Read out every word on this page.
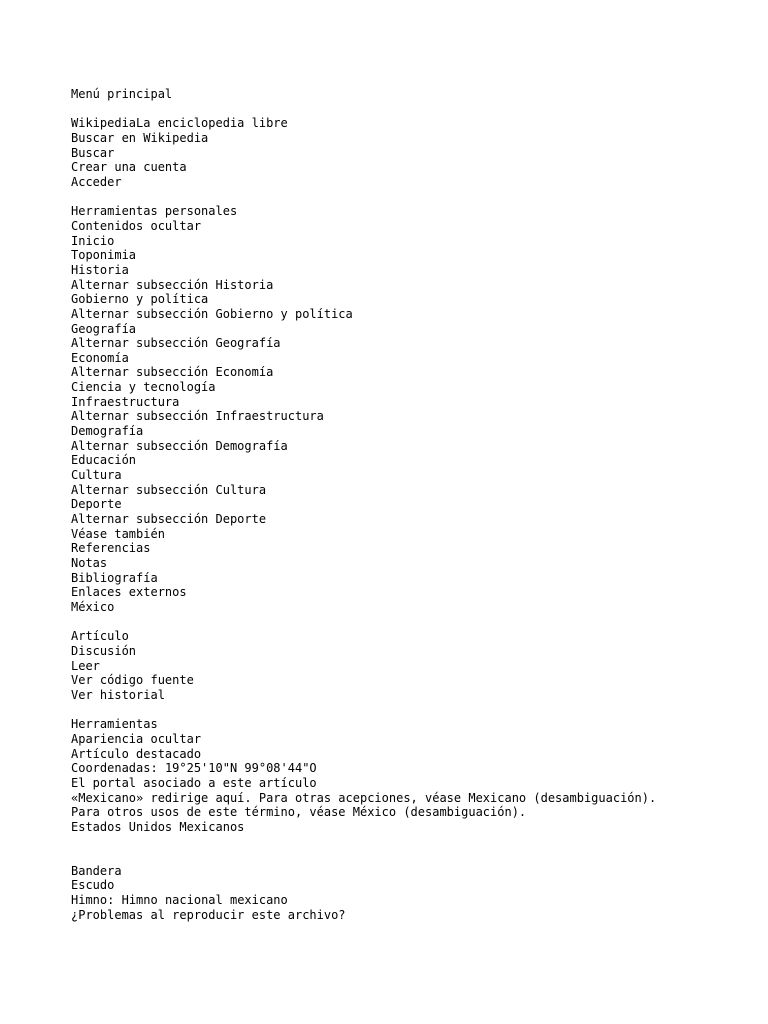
Menú principal
WikipediaLa enciclopedia libre
Buscar en Wikipedia
Buscar
Crear una cuenta
Acceder
Herramientas personales
Contenidos ocultar
Inicio
Toponimia
Historia
Alternar subsección Historia
Gobierno y política
Alternar subsección Gobierno y política
Geografía
Alternar subsección Geografía
Economía
Alternar subsección Economía
Ciencia y tecnología
Infraestructura
Alternar subsección Infraestructura
Demografía
Alternar subsección Demografía
Educación
Cultura
Alternar subsección Cultura
Deporte
Alternar subsección Deporte
Véase también
Referencias
Notas
Bibliografía
Enlaces externos
México
Artículo
Discusión
Leer
Ver código fuente
Ver historial
Herramientas
Apariencia ocultar
Artículo destacado
Coordenadas: 19°25'10"N 99°08'44"O
El portal asociado a este artículo
«Mexicano» redirige aquí. Para otras acepciones, véase Mexicano (desambiguación).
Para otros usos de este término, véase México (desambiguación).
Estados Unidos Mexicanos
Bandera
Escudo
Himno: Himno nacional mexicano
¿Problemas al reproducir este archivo?
